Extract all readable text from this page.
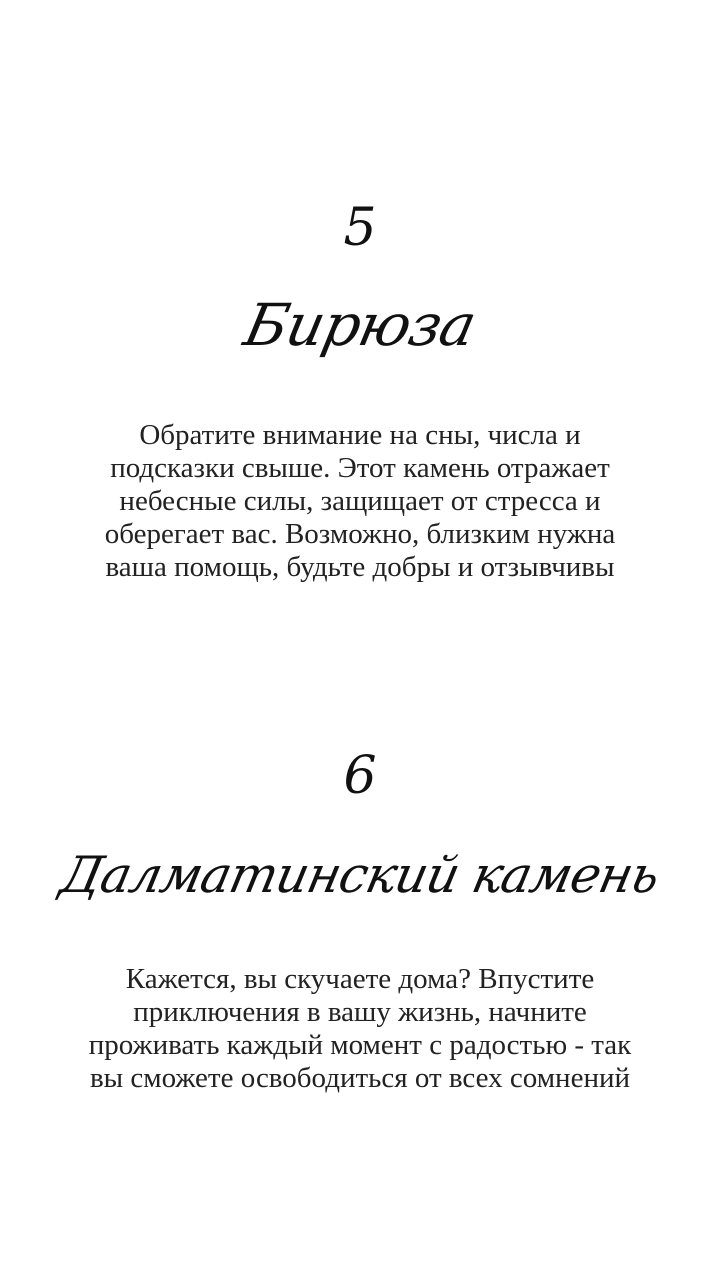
5
Бирюза
Обратите внимание на сны, числа и подсказки свыше. Этот камень отражает небесные силы, защищает от стресса и оберегает вас. Возможно, близким нужна ваша помощь, будьте добры и отзывчивы
6
Далматинский камень
Кажется, вы скучаете дома? Впустите приключения в вашу жизнь, начните проживать каждый момент с радостью - так вы сможете освободиться от всех сомнений
